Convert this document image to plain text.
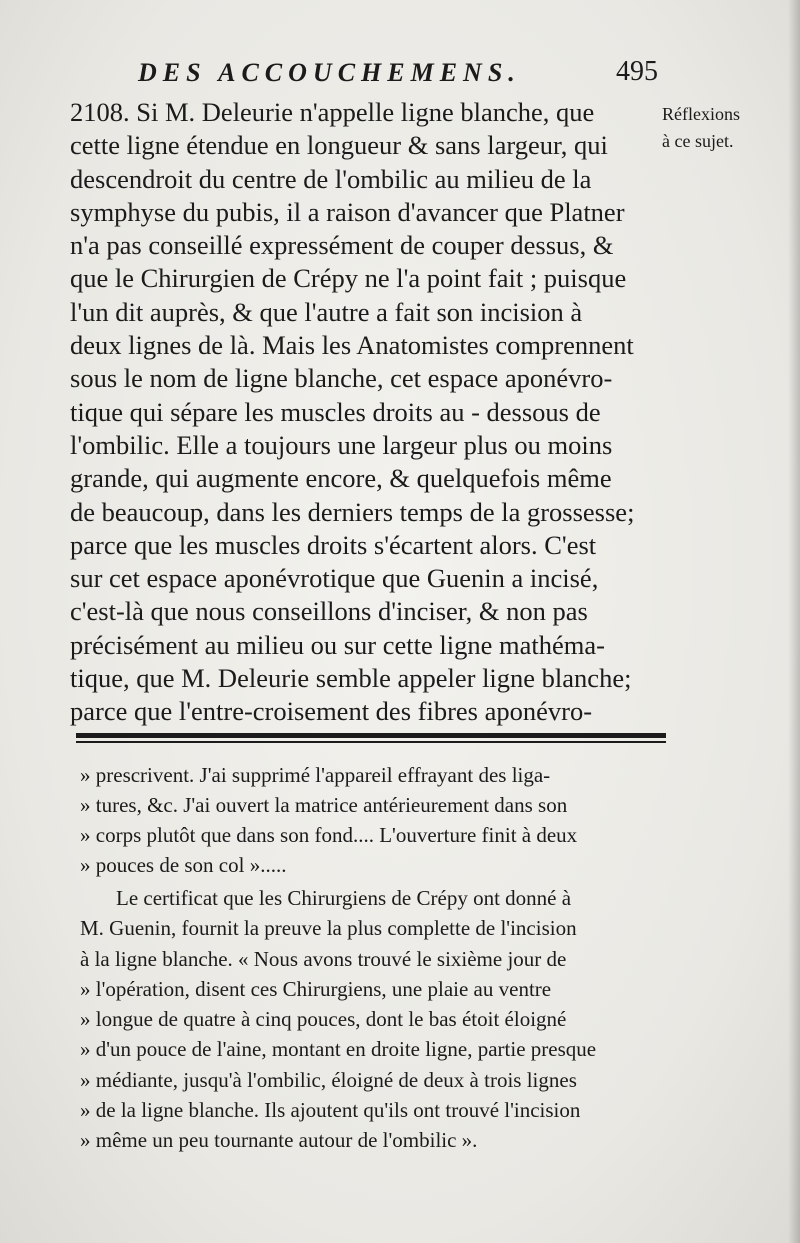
DES ACCOUCHEMENS.	495
2108. Si M. Deleurie n'appelle ligne blanche, que
cette ligne étendue en longueur & sans largeur, qui
descendroit du centre de l'ombilic au milieu de la
symphyse du pubis, il a raison d'avancer que Platner
n'a pas conseillé expressément de couper dessus, &
que le Chirurgien de Crépy ne l'a point fait ; puisque
l'un dit auprès, & que l'autre a fait son incision à
deux lignes de là. Mais les Anatomistes comprennent
sous le nom de ligne blanche, cet espace aponévro-
tique qui sépare les muscles droits au - dessous de
l'ombilic. Elle a toujours une largeur plus ou moins
grande, qui augmente encore, & quelquefois même
de beaucoup, dans les derniers temps de la grossesse;
parce que les muscles droits s'écartent alors. C'est
sur cet espace aponévrotique que Guenin a incisé,
c'est-là que nous conseillons d'inciser, & non pas
précisément au milieu ou sur cette ligne mathéma-
tique, que M. Deleurie semble appeler ligne blanche;
parce que l'entre-croisement des fibres aponévro-
Réflexions
à ce sujet.
» prescrivent. J'ai supprimé l'appareil effrayant des liga-
» tures, &c. J'ai ouvert la matrice antérieurement dans son
» corps plutôt que dans son fond.... L'ouverture finit à deux
» pouces de son col ».....
Le certificat que les Chirurgiens de Crépy ont donné à
M. Guenin, fournit la preuve la plus complette de l'incision
à la ligne blanche. « Nous avons trouvé le sixième jour de
» l'opération, disent ces Chirurgiens, une plaie au ventre
» longue de quatre à cinq pouces, dont le bas étoit éloigné
» d'un pouce de l'aine, montant en droite ligne, partie presque
» médiante, jusqu'à l'ombilic, éloigné de deux à trois lignes
» de la ligne blanche. Ils ajoutent qu'ils ont trouvé l'incision
» même un peu tournante autour de l'ombilic ».
